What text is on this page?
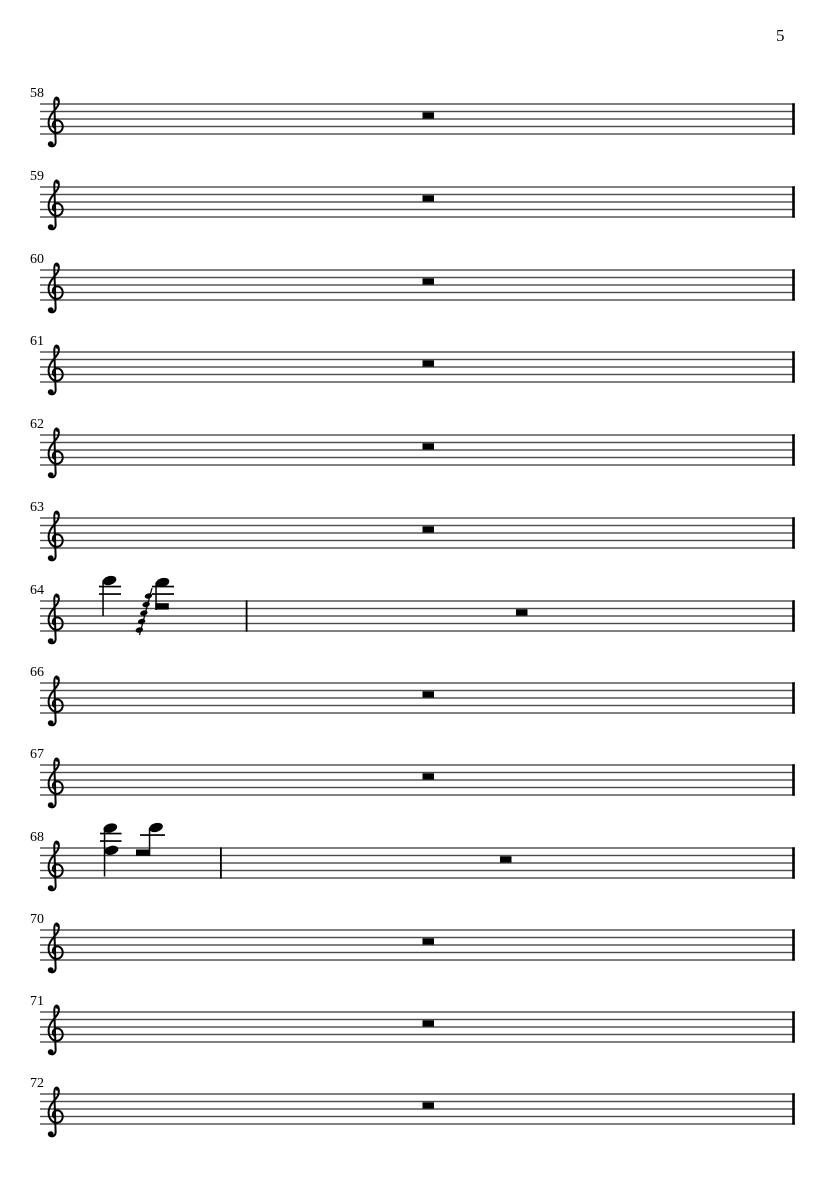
5
58
59
60
61
62
63
64
66
67
68
70
71
72
